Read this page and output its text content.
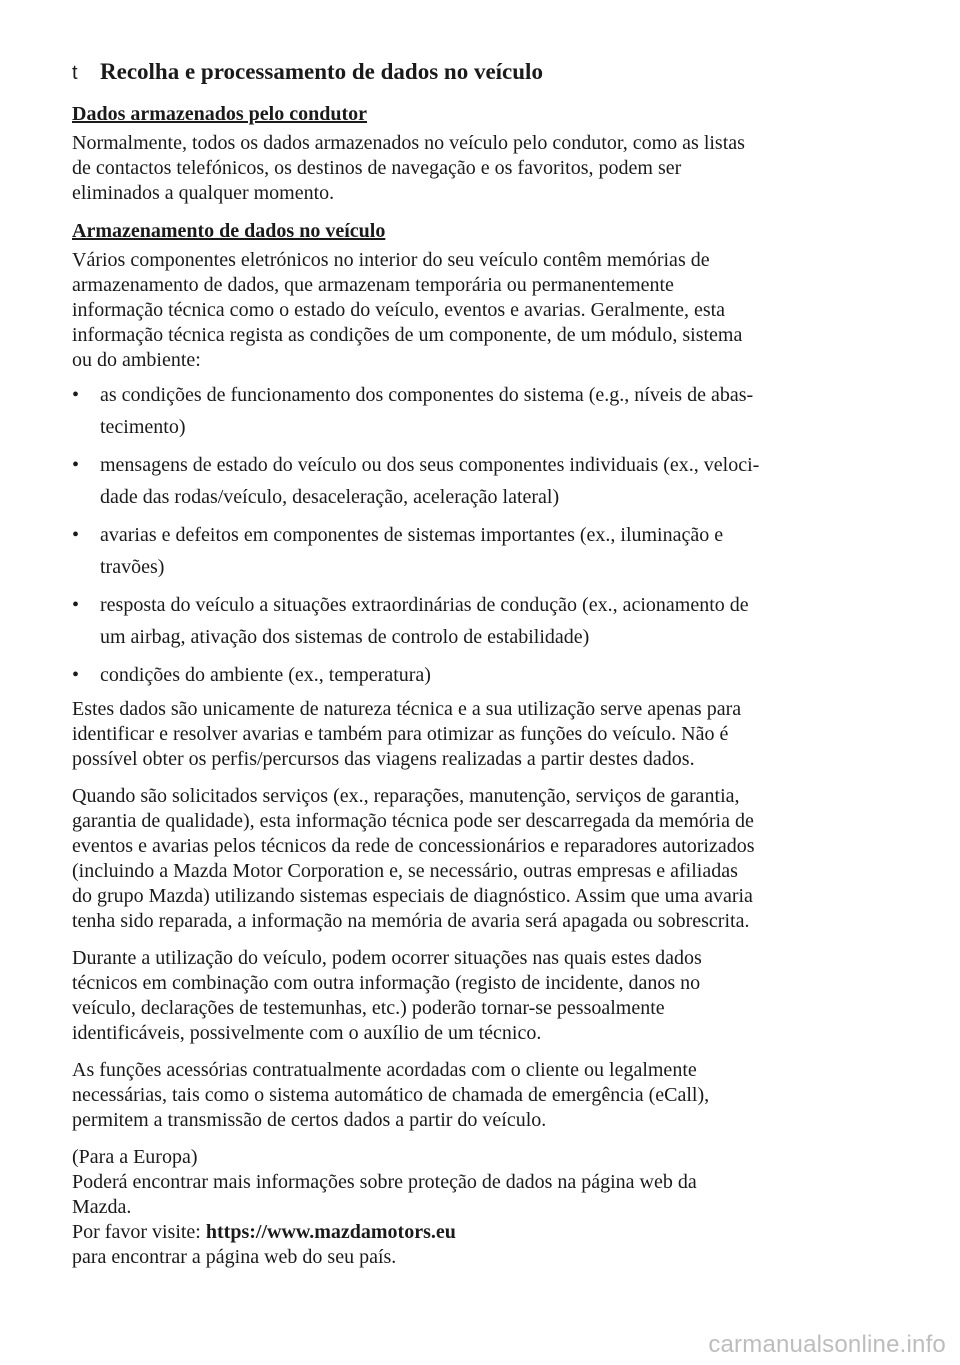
t Recolha e processamento de dados no veículo
Dados armazenados pelo condutor

Normalmente, todos os dados armazenados no veículo pelo condutor, como as listas
de contactos telefónicos, os destinos de navegação e os favoritos, podem ser
eliminados a qualquer momento.

Armazenamento de dados no veículo

Vários componentes eletrónicos no interior do seu veículo contêm memórias de
armazenamento de dados, que armazenam temporária ou permanentemente
informação técnica como o estado do veículo, eventos e avarias. Geralmente, esta
informação técnica regista as condições de um componente, de um módulo, sistema
ou do ambiente:

•	as condições de funcionamento dos componentes do sistema (e.g., níveis de abas-
tecimento)
•	mensagens de estado do veículo ou dos seus componentes individuais (ex., veloci-
dade das rodas/veículo, desaceleração, aceleração lateral)
•	avarias e defeitos em componentes de sistemas importantes (ex., iluminação e
travões)
•	resposta do veículo a situações extraordinárias de condução (ex., acionamento de
um airbag, ativação dos sistemas de controlo de estabilidade)
•	condições do ambiente (ex., temperatura)

Estes dados são unicamente de natureza técnica e a sua utilização serve apenas para
identificar e resolver avarias e também para otimizar as funções do veículo. Não é
possível obter os perfis/percursos das viagens realizadas a partir destes dados.

Quando são solicitados serviços (ex., reparações, manutenção, serviços de garantia,
garantia de qualidade), esta informação técnica pode ser descarregada da memória de
eventos e avarias pelos técnicos da rede de concessionários e reparadores autorizados
(incluindo a Mazda Motor Corporation e, se necessário, outras empresas e afiliadas
do grupo Mazda) utilizando sistemas especiais de diagnóstico. Assim que uma avaria
tenha sido reparada, a informação na memória de avaria será apagada ou sobrescrita.

Durante a utilização do veículo, podem ocorrer situações nas quais estes dados
técnicos em combinação com outra informação (registo de incidente, danos no
veículo, declarações de testemunhas, etc.) poderão tornar-se pessoalmente
identificáveis, possivelmente com o auxílio de um técnico.

As funções acessórias contratualmente acordadas com o cliente ou legalmente
necessárias, tais como o sistema automático de chamada de emergência (eCall),
permitem a transmissão de certos dados a partir do veículo.

(Para a Europa)
Poderá encontrar mais informações sobre proteção de dados na página web da
Mazda.
Por favor visite: https://www.mazdamotors.eu
para encontrar a página web do seu país.

carmanualsonline.info
